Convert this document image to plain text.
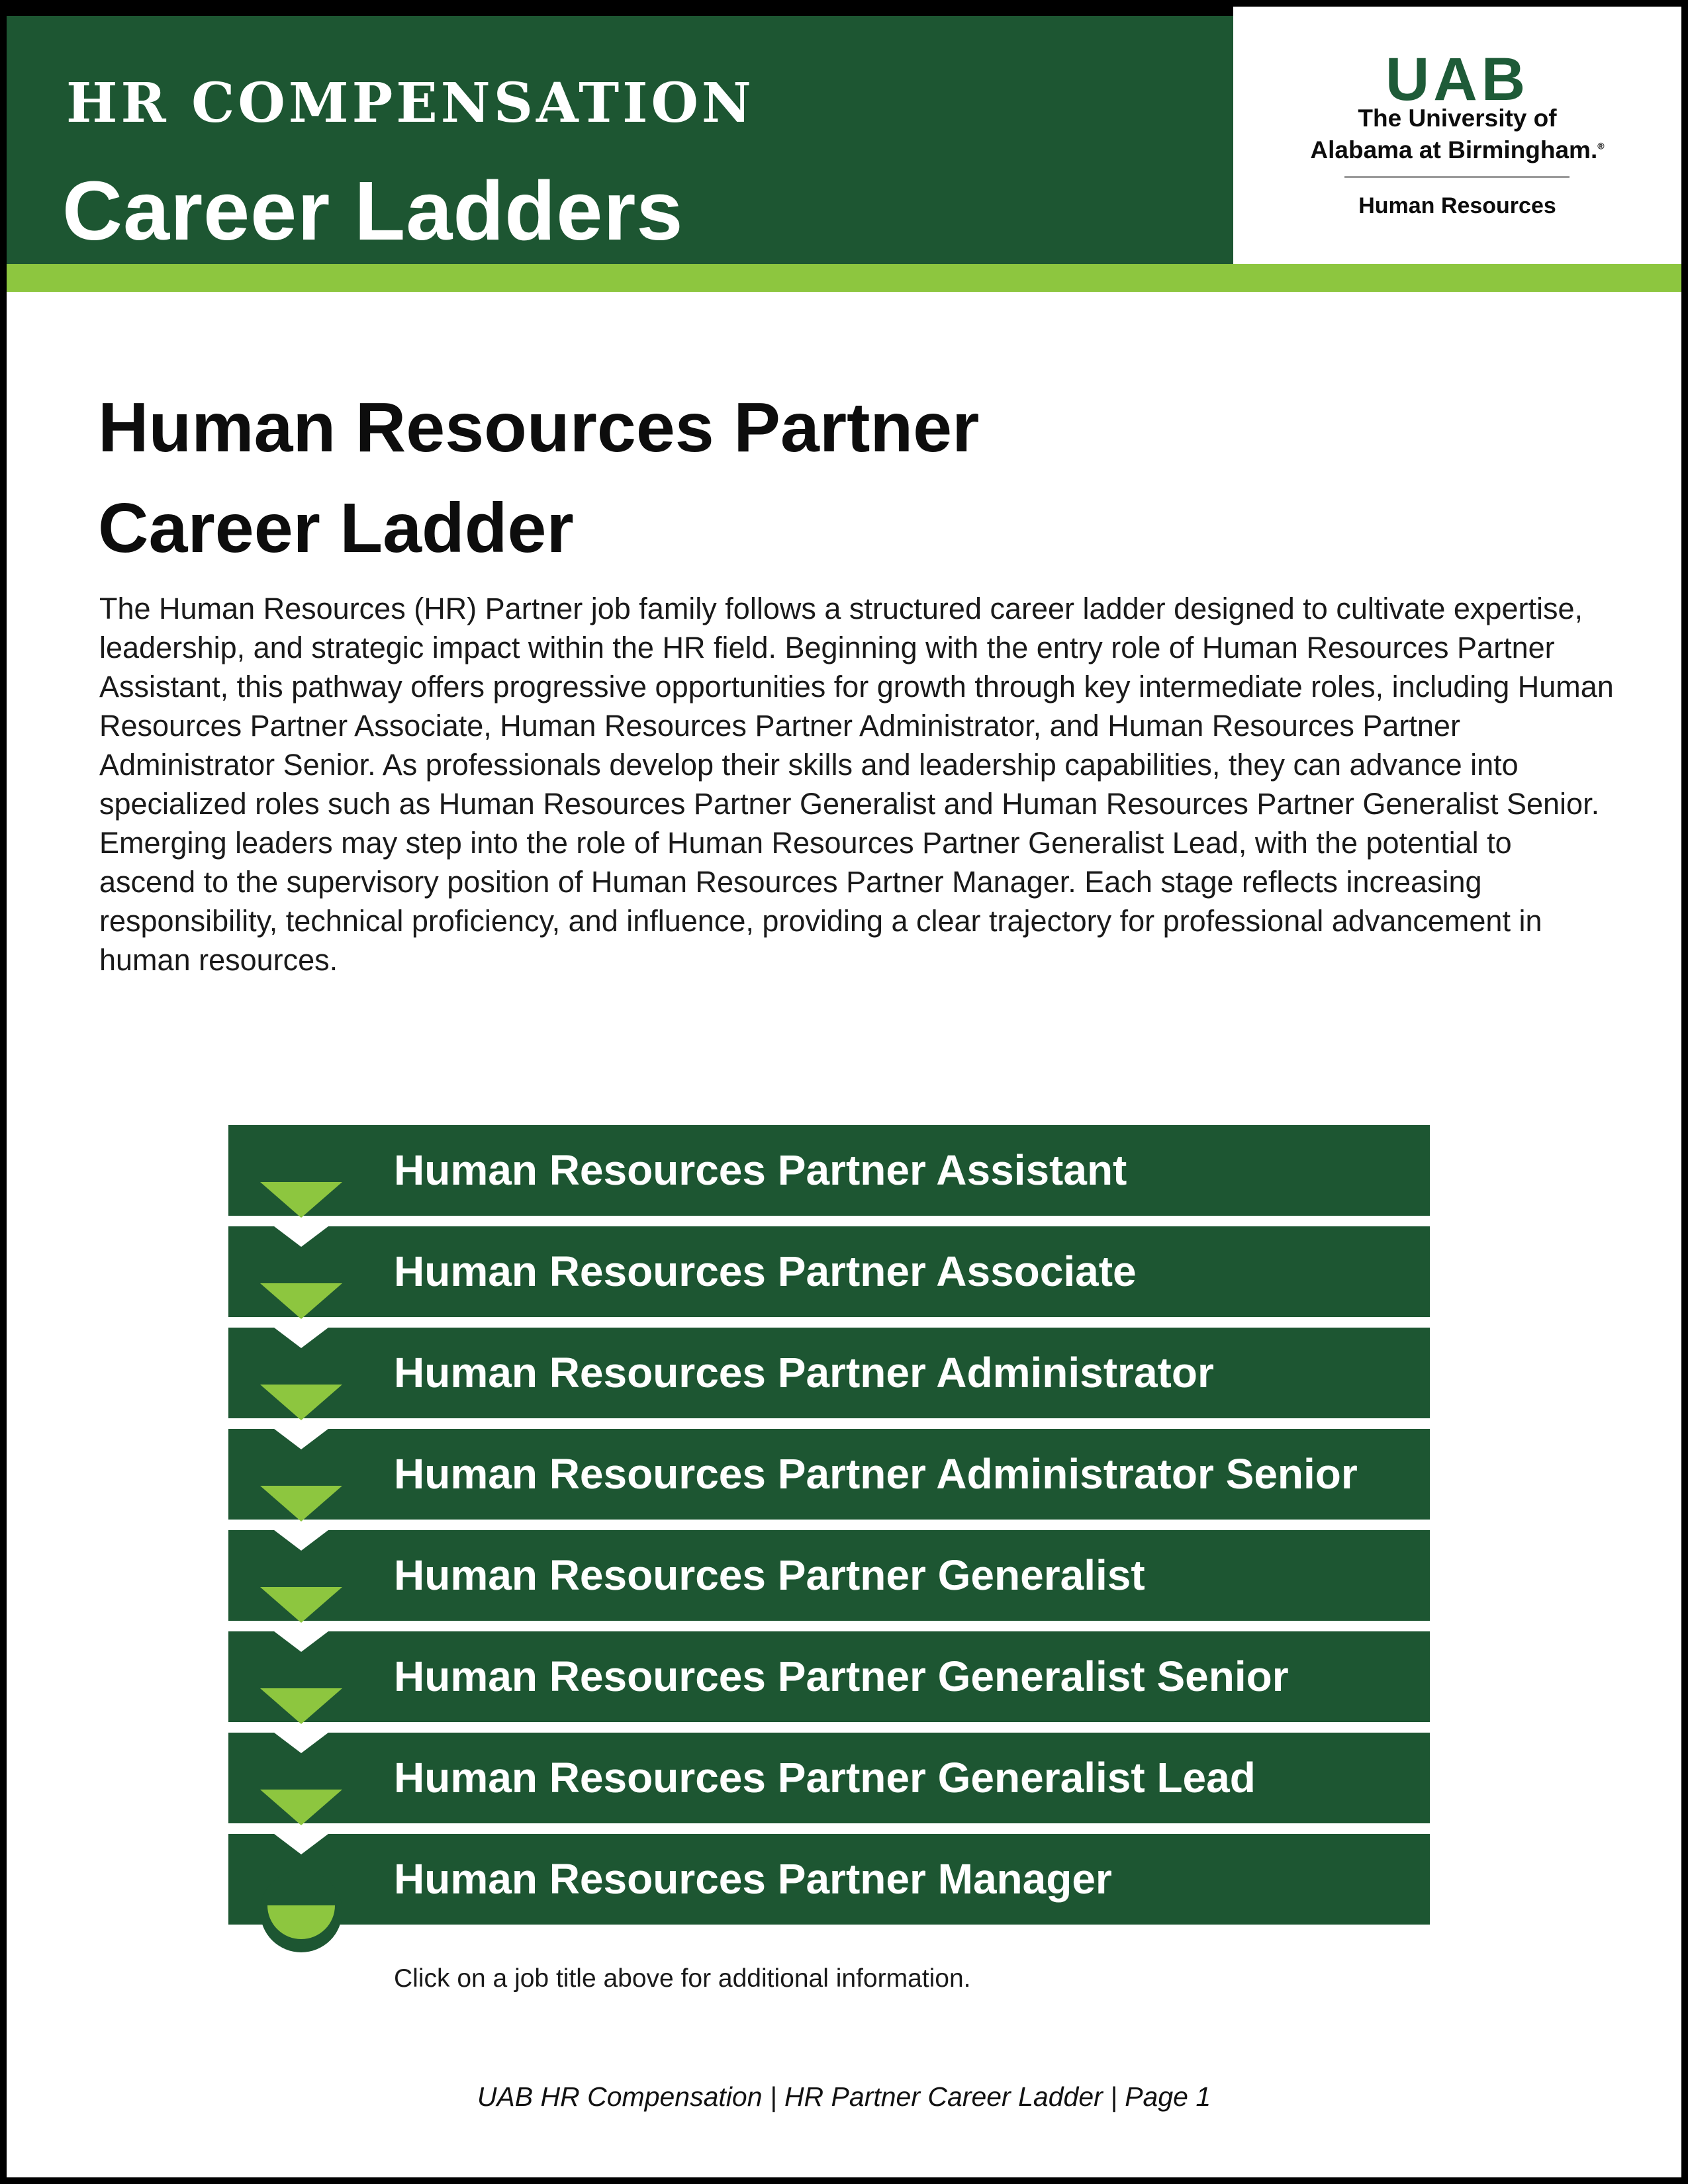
HR COMPENSATION
Career Ladders
UAB
The University of
Alabama at Birmingham.®
Human Resources
Human Resources Partner
Career Ladder
The Human Resources (HR) Partner job family follows a structured career ladder designed to cultivate expertise, leadership, and strategic impact within the HR field. Beginning with the entry role of Human Resources Partner Assistant, this pathway offers progressive opportunities for growth through key intermediate roles, including Human Resources Partner Associate, Human Resources Partner Administrator, and Human Resources Partner Administrator Senior. As professionals develop their skills and leadership capabilities, they can advance into specialized roles such as Human Resources Partner Generalist and Human Resources Partner Generalist Senior. Emerging leaders may step into the role of Human Resources Partner Generalist Lead, with the potential to ascend to the supervisory position of Human Resources Partner Manager. Each stage reflects increasing responsibility, technical proficiency, and influence, providing a clear trajectory for professional advancement in human resources.
Click on a job title above for additional information.
Human Resources Partner Assistant
Human Resources Partner Associate
Human Resources Partner Administrator
Human Resources Partner Administrator Senior
Human Resources Partner Generalist
Human Resources Partner Generalist Senior
Human Resources Partner Generalist Lead
Human Resources Partner Manager
UAB HR Compensation | HR Partner Career Ladder | Page 1
